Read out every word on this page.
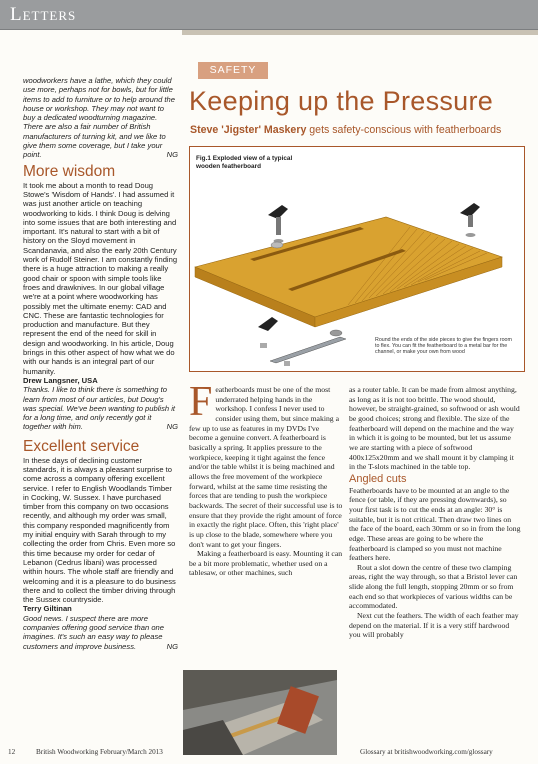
Letters
woodworkers have a lathe, which they could use more, perhaps not for bowls, but for little items to add to furniture or to help around the house or workshop. They may not want to buy a dedicated woodturning magazine. There are also a fair number of British manufacturers of turning kit, and we like to give them some coverage, but I take your point.	NG
More wisdom
It took me about a month to read Doug Stowe's 'Wisdom of Hands'. I had assumed it was just another article on teaching woodworking to kids. I think Doug is delving into some issues that are both interesting and important. It's natural to start with a bit of history on the Sloyd movement in Scandanavia, and also the early 20th Century work of Rudolf Steiner. I am constantly finding there is a huge attraction to making a really good chair or spoon with simple tools like froes and drawknives. In our global village we're at a point where woodworking has possibly met the ultimate enemy: CAD and CNC. These are fantastic technologies for production and manufacture. But they represent the end of the need for skill in design and woodworking. In his article, Doug brings in this other aspect of how what we do with our hands is an integral part of our humanity.
Drew Langsner, USA
Thanks. I like to think there is something to learn from most of our articles, but Doug's was special. We've been wanting to publish it for a long time, and only recently got it together with him.	NG
Excellent service
In these days of declining customer standards, it is always a pleasant surprise to come across a company offering excellent service. I refer to English Woodlands Timber in Cocking, W. Sussex. I have purchased timber from this company on two occasions recently, and although my order was small, this company responded magnificently from my initial enquiry with Sarah through to my collecting the order from Chris. Even more so this time because my order for cedar of Lebanon (Cedrus libani) was processed within hours. The whole staff are friendly and welcoming and it is a pleasure to do business there and to collect the timber driving through the Sussex countryside.
Terry Giltinan
Good news. I suspect there are more companies offering good service than one imagines. It's such an easy way to please customers and improve business.	NG
SAFETY
Keeping up the Pressure
Steve 'Jigster' Maskery gets safety-conscious with featherboards
Fig.1 Exploded view of a typical wooden featherboard
Round the ends of the side pieces to give the fingers room to flex. You can fit the featherboard to a metal bar for the channel, or make your own from wood
Featherboards must be one of the most underrated helping hands in the workshop. I confess I never used to consider using them, but since making a few up to use as features in my DVDs I've become a genuine convert. A featherboard is basically a spring. It applies pressure to the workpiece, keeping it tight against the fence and/or the table whilst it is being machined and allows the free movement of the workpiece forward, whilst at the same time resisting the forces that are tending to push the workpiece backwards. The secret of their successful use is to ensure that they provide the right amount of force in exactly the right place. Often, this 'right place' is up close to the blade, somewhere where you don't want to get your fingers.
Making a featherboard is easy. Mounting it can be a bit more problematic, whether used on a tablesaw, or other machines, such
as a router table. It can be made from almost anything, as long as it is not too brittle. The wood should, however, be straight-grained, so softwood or ash would be good choices; strong and flexible. The size of the featherboard will depend on the machine and the way in which it is going to be mounted, but let us assume we are starting with a piece of softwood 400x125x20mm and we shall mount it by clamping it in the T-slots machined in the table top.
Angled cuts
Featherboards have to be mounted at an angle to the fence (or table, if they are pressing downwards), so your first task is to cut the ends at an angle: 30° is suitable, but it is not critical. Then draw two lines on the face of the board, each 30mm or so in from the long edge. These areas are going to be where the featherboard is clamped so you must not machine feathers here.
Rout a slot down the centre of these two clamping areas, right the way through, so that a Bristol lever can slide along the full length, stopping 20mm or so from each end so that workpieces of various widths can be accommodated.
Next cut the feathers. The width of each feather may depend on the material. If it is a very stiff hardwood you will probably
12	British Woodworking February/March 2013	Glossary at britishwoodworking.com/glossary
